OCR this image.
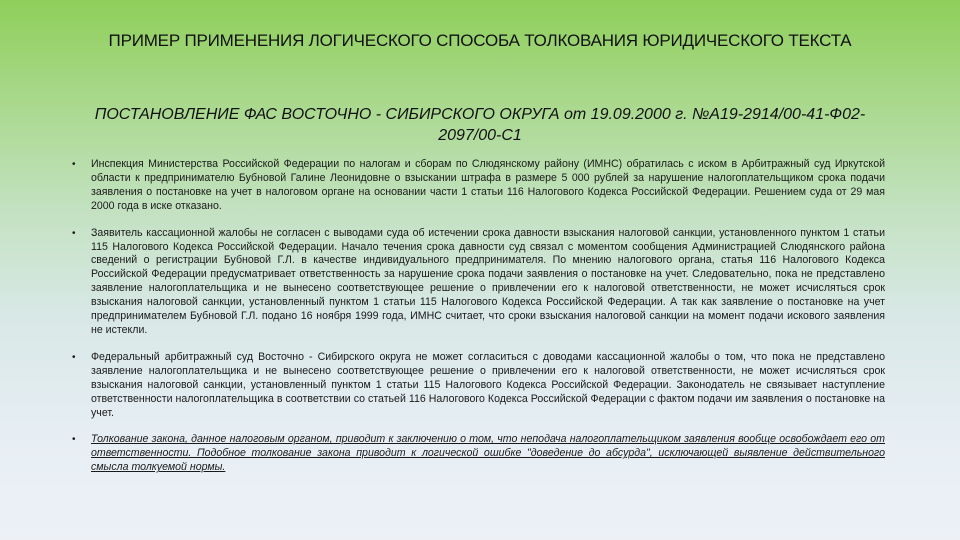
ПРИМЕР ПРИМЕНЕНИЯ ЛОГИЧЕСКОГО СПОСОБА ТОЛКОВАНИЯ ЮРИДИЧЕСКОГО ТЕКСТА
ПОСТАНОВЛЕНИЕ ФАС ВОСТОЧНО - СИБИРСКОГО ОКРУГА от 19.09.2000 г. №А19-2914/00-41-Ф02-2097/00-С1
• Инспекция Министерства Российской Федерации по налогам и сборам по Слюдянскому району (ИМНС) обратилась с иском в Арбитражный суд Иркутской области к предпринимателю Бубновой Галине Леонидовне о взыскании штрафа в размере 5 000 рублей за нарушение налогоплательщиком срока подачи заявления о постановке на учет в налоговом органе на основании части 1 статьи 116 Налогового Кодекса Российской Федерации. Решением суда от 29 мая 2000 года в иске отказано.
• Заявитель кассационной жалобы не согласен с выводами суда об истечении срока давности взыскания налоговой санкции, установленного пунктом 1 статьи 115 Налогового Кодекса Российской Федерации. Начало течения срока давности суд связал с моментом сообщения Администрацией Слюдянского района сведений о регистрации Бубновой Г.Л. в качестве индивидуального предпринимателя. По мнению налогового органа, статья 116 Налогового Кодекса Российской Федерации предусматривает ответственность за нарушение срока подачи заявления о постановке на учет. Следовательно, пока не представлено заявление налогоплательщика и не вынесено соответствующее решение о привлечении его к налоговой ответственности, не может исчисляться срок взыскания налоговой санкции, установленный пунктом 1 статьи 115 Налогового Кодекса Российской Федерации. А так как заявление о постановке на учет предпринимателем Бубновой Г.Л. подано 16 ноября 1999 года, ИМНС считает, что сроки взыскания налоговой санкции на момент подачи искового заявления не истекли.
• Федеральный арбитражный суд Восточно - Сибирского округа не может согласиться с доводами кассационной жалобы о том, что пока не представлено заявление налогоплательщика и не вынесено соответствующее решение о привлечении его к налоговой ответственности, не может исчисляться срок взыскания налоговой санкции, установленный пунктом 1 статьи 115 Налогового Кодекса Российской Федерации. Законодатель не связывает наступление ответственности налогоплательщика в соответствии со статьей 116 Налогового Кодекса Российской Федерации с фактом подачи им заявления о постановке на учет.
• Толкование закона, данное налоговым органом, приводит к заключению о том, что неподача налогоплательщиком заявления вообще освобождает его от ответственности. Подобное толкование закона приводит к логической ошибке "доведение до абсурда", исключающей выявление действительного смысла толкуемой нормы.
